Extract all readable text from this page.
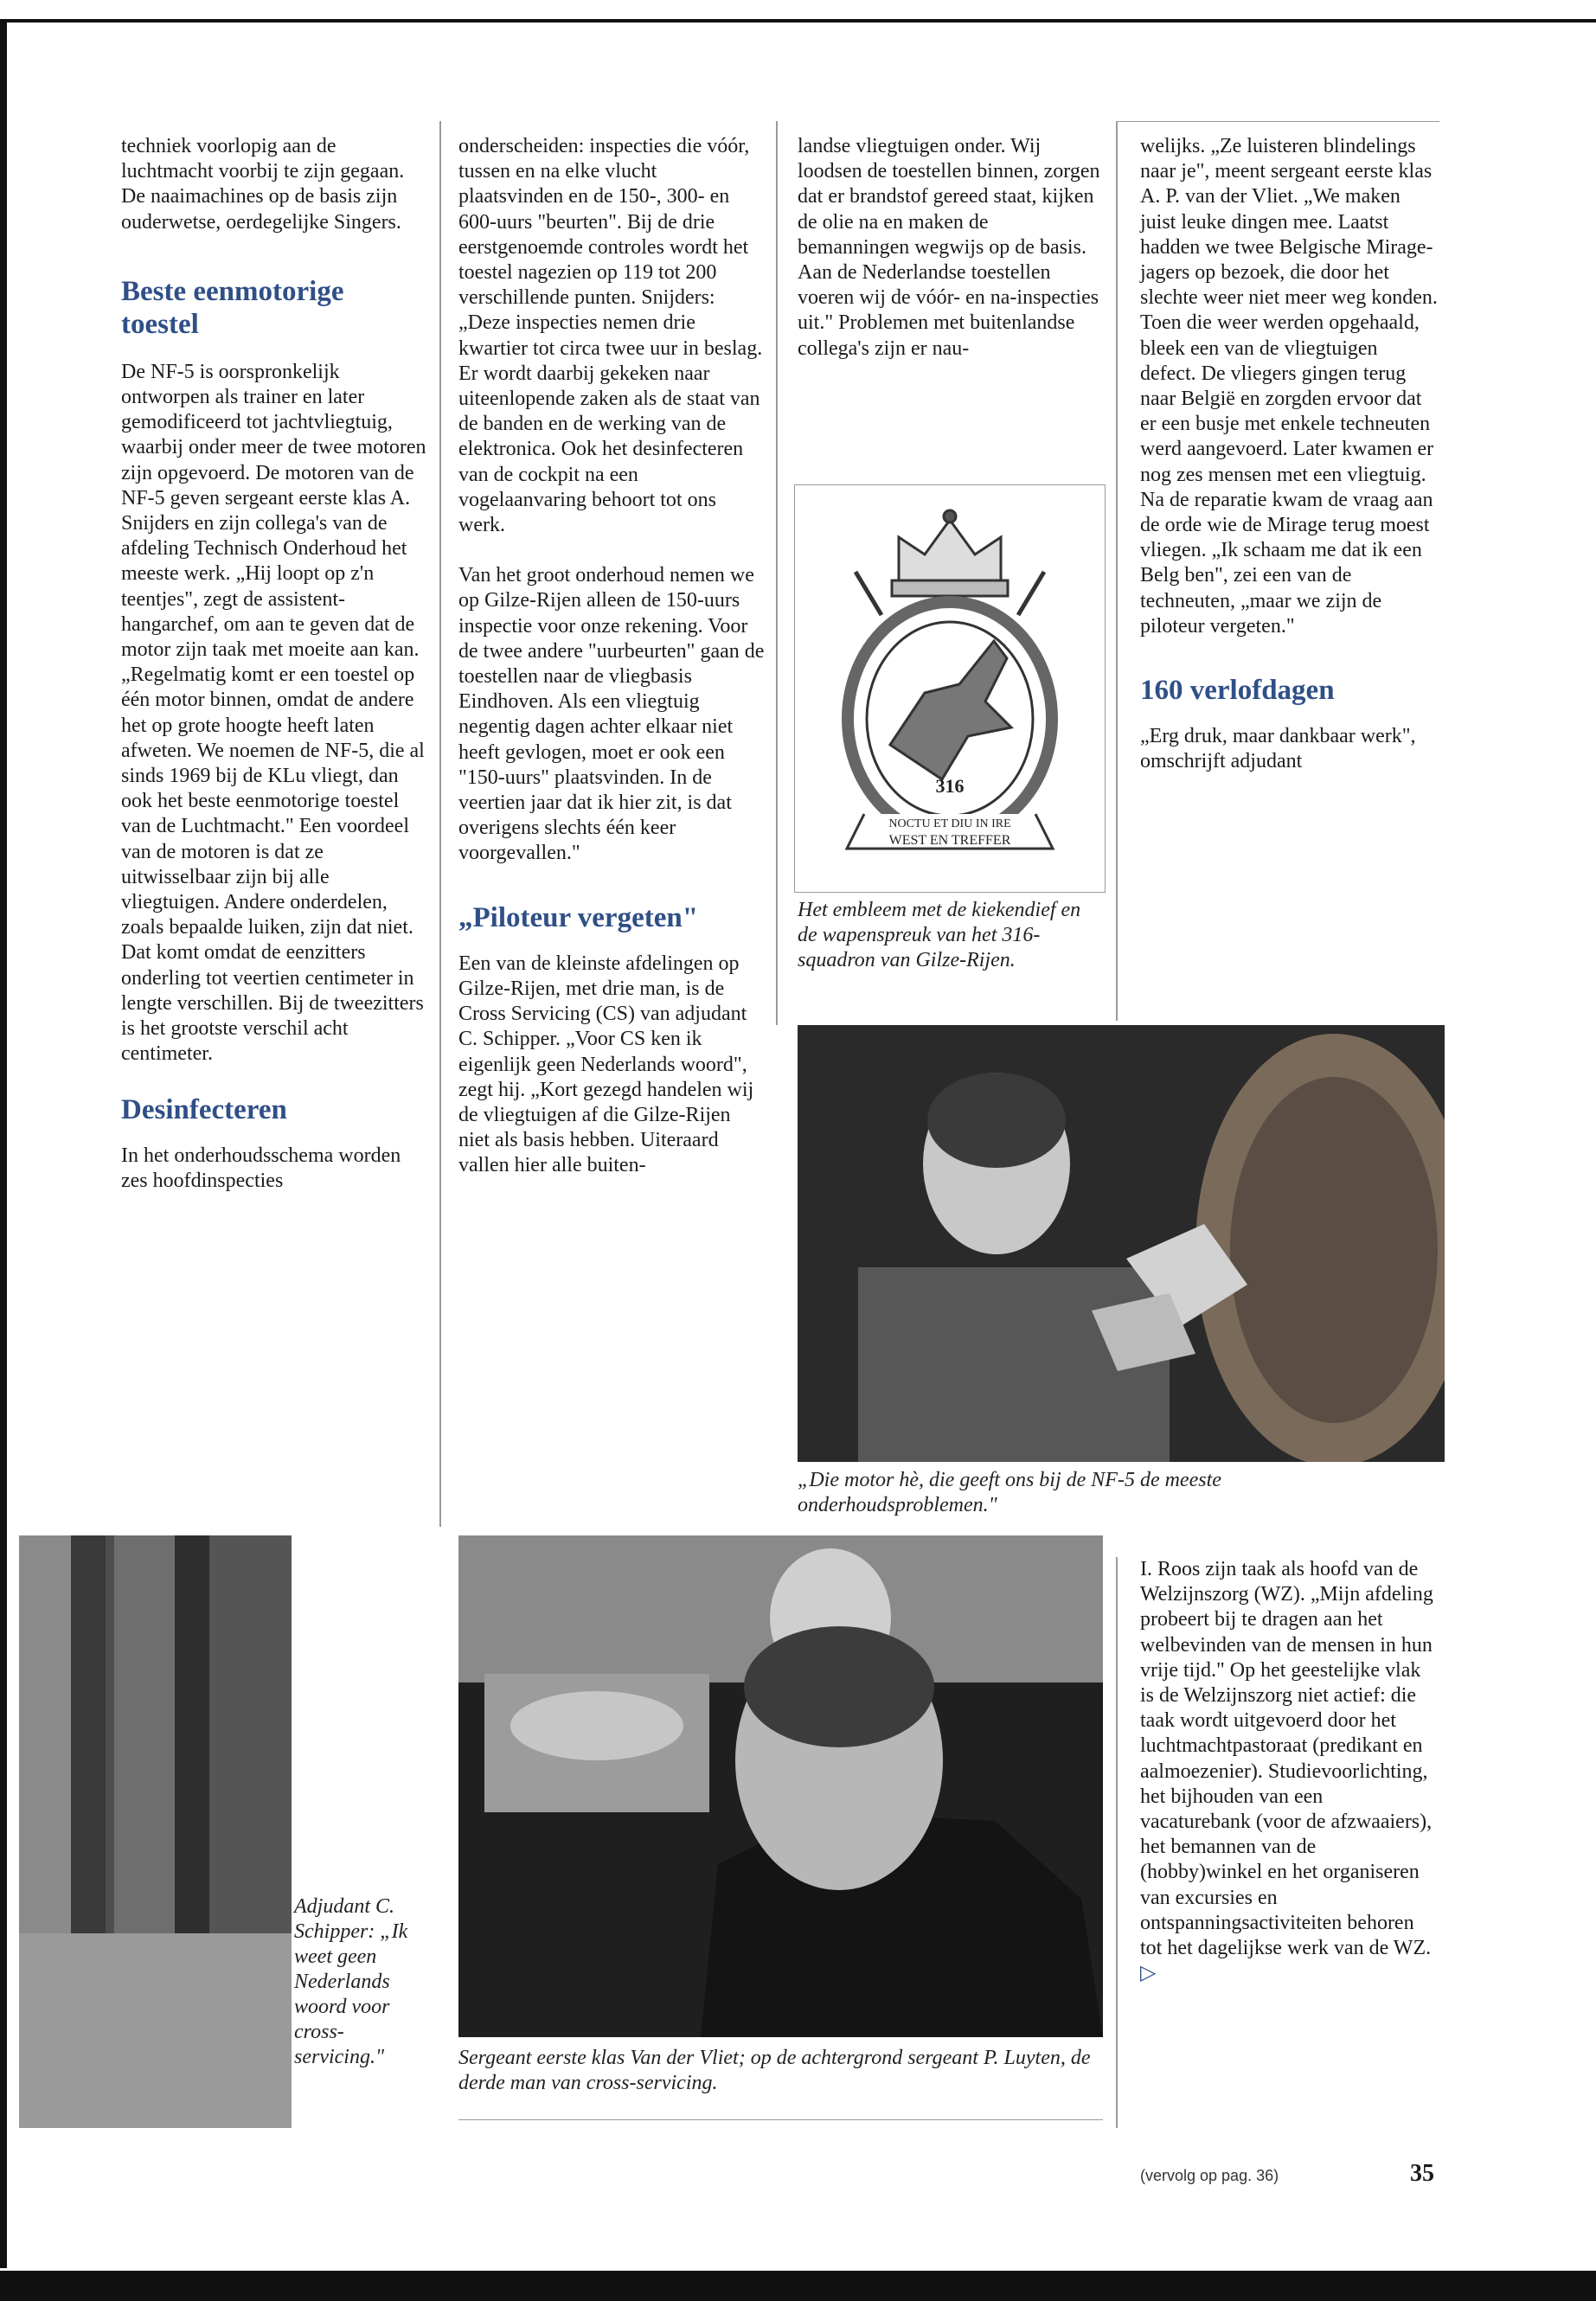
techniek voorlopig aan de luchtmacht voorbij te zijn gegaan. De naaimachines op de basis zijn ouderwetse, oerdegelijke Singers.

Beste eenmotorige toestel

De NF-5 is oorspronkelijk ontworpen als trainer en later gemodificeerd tot jachtvliegtuig, waarbij onder meer de twee motoren zijn opgevoerd. De motoren van de NF-5 geven sergeant eerste klas A. Snijders en zijn collega's van de afdeling Technisch Onderhoud het meeste werk. „Hij loopt op z'n teentjes", zegt de assistent-hangarchef, om aan te geven dat de motor zijn taak met moeite aan kan. „Regelmatig komt er een toestel op één motor binnen, omdat de andere het op grote hoogte heeft laten afweten. We noemen de NF-5, die al sinds 1969 bij de KLu vliegt, dan ook het beste eenmotorige toestel van de Luchtmacht." Een voordeel van de motoren is dat ze uitwisselbaar zijn bij alle vliegtuigen. Andere onderdelen, zoals bepaalde luiken, zijn dat niet. Dat komt omdat de eenzitters onderling tot veertien centimeter in lengte verschillen. Bij de tweezitters is het grootste verschil acht centimeter.

Desinfecteren

In het onderhoudsschema worden zes hoofdinspecties

onderscheiden: inspecties die vóór, tussen en na elke vlucht plaatsvinden en de 150-, 300- en 600-uurs "beurten". Bij de drie eerstgenoemde controles wordt het toestel nagezien op 119 tot 200 verschillende punten. Snijders: „Deze inspecties nemen drie kwartier tot circa twee uur in beslag. Er wordt daarbij gekeken naar uiteenlopende zaken als de staat van de banden en de werking van de elektronica. Ook het desinfecteren van de cockpit na een vogelaanvaring behoort tot ons werk.

Van het groot onderhoud nemen we op Gilze-Rijen alleen de 150-uurs inspectie voor onze rekening. Voor de twee andere "uurbeurten" gaan de toestellen naar de vliegbasis Eindhoven. Als een vliegtuig negentig dagen achter elkaar niet heeft gevlogen, moet er ook een "150-uurs" plaatsvinden. In de veertien jaar dat ik hier zit, is dat overigens slechts één keer voorgevallen."

„Piloteur vergeten"

Een van de kleinste afdelingen op Gilze-Rijen, met drie man, is de Cross Servicing (CS) van adjudant C. Schipper. „Voor CS ken ik eigenlijk geen Nederlands woord", zegt hij. „Kort gezegd handelen wij de vliegtuigen af die Gilze-Rijen niet als basis hebben. Uiteraard vallen hier alle buiten-

landse vliegtuigen onder. Wij loodsen de toestellen binnen, zorgen dat er brandstof gereed staat, kijken de olie na en maken de bemanningen wegwijs op de basis. Aan de Nederlandse toestellen voeren wij de vóór- en na-inspecties uit." Problemen met buitenlandse collega's zijn er nau-

WEST EN TREFFER
316
NOCTU ET DIU IN IRE
Het embleem met de kiekendief en de wapenspreuk van het 316-squadron van Gilze-Rijen.

welijks. „Ze luisteren blindelings naar je", meent sergeant eerste klas A. P. van der Vliet. „We maken juist leuke dingen mee. Laatst hadden we twee Belgische Mirage-jagers op bezoek, die door het slechte weer niet meer weg konden. Toen die weer werden opgehaald, bleek een van de vliegtuigen defect. De vliegers gingen terug naar België en zorgden ervoor dat er een busje met enkele techneuten werd aangevoerd. Later kwamen er nog zes mensen met een vliegtuig. Na de reparatie kwam de vraag aan de orde wie de Mirage terug moest vliegen. „Ik schaam me dat ik een Belg ben", zei een van de techneuten, „maar we zijn de piloteur vergeten."

160 verlofdagen

„Erg druk, maar dankbaar werk", omschrijft adjudant

„Die motor hè, die geeft ons bij de NF-5 de meeste onderhoudsproblemen."
Adjudant C. Schipper: „Ik weet geen Nederlands woord voor cross-servicing."	Sergeant eerste klas Van der Vliet; op de achtergrond sergeant P. Luyten, de derde man van cross-servicing.

I. Roos zijn taak als hoofd van de Welzijnszorg (WZ). „Mijn afdeling probeert bij te dragen aan het welbevinden van de mensen in hun vrije tijd." Op het geestelijke vlak is de Welzijnszorg niet actief: die taak wordt uitgevoerd door het luchtmachtpastoraat (predikant en aalmoezenier). Studievoorlichting, het bijhouden van een vacaturebank (voor de afzwaaiers), het bemannen van de (hobby)winkel en het organiseren van excursies en ontspanningsactiviteiten behoren tot het dagelijkse werk van de WZ. ▷

(vervolg op pag. 36)	35
